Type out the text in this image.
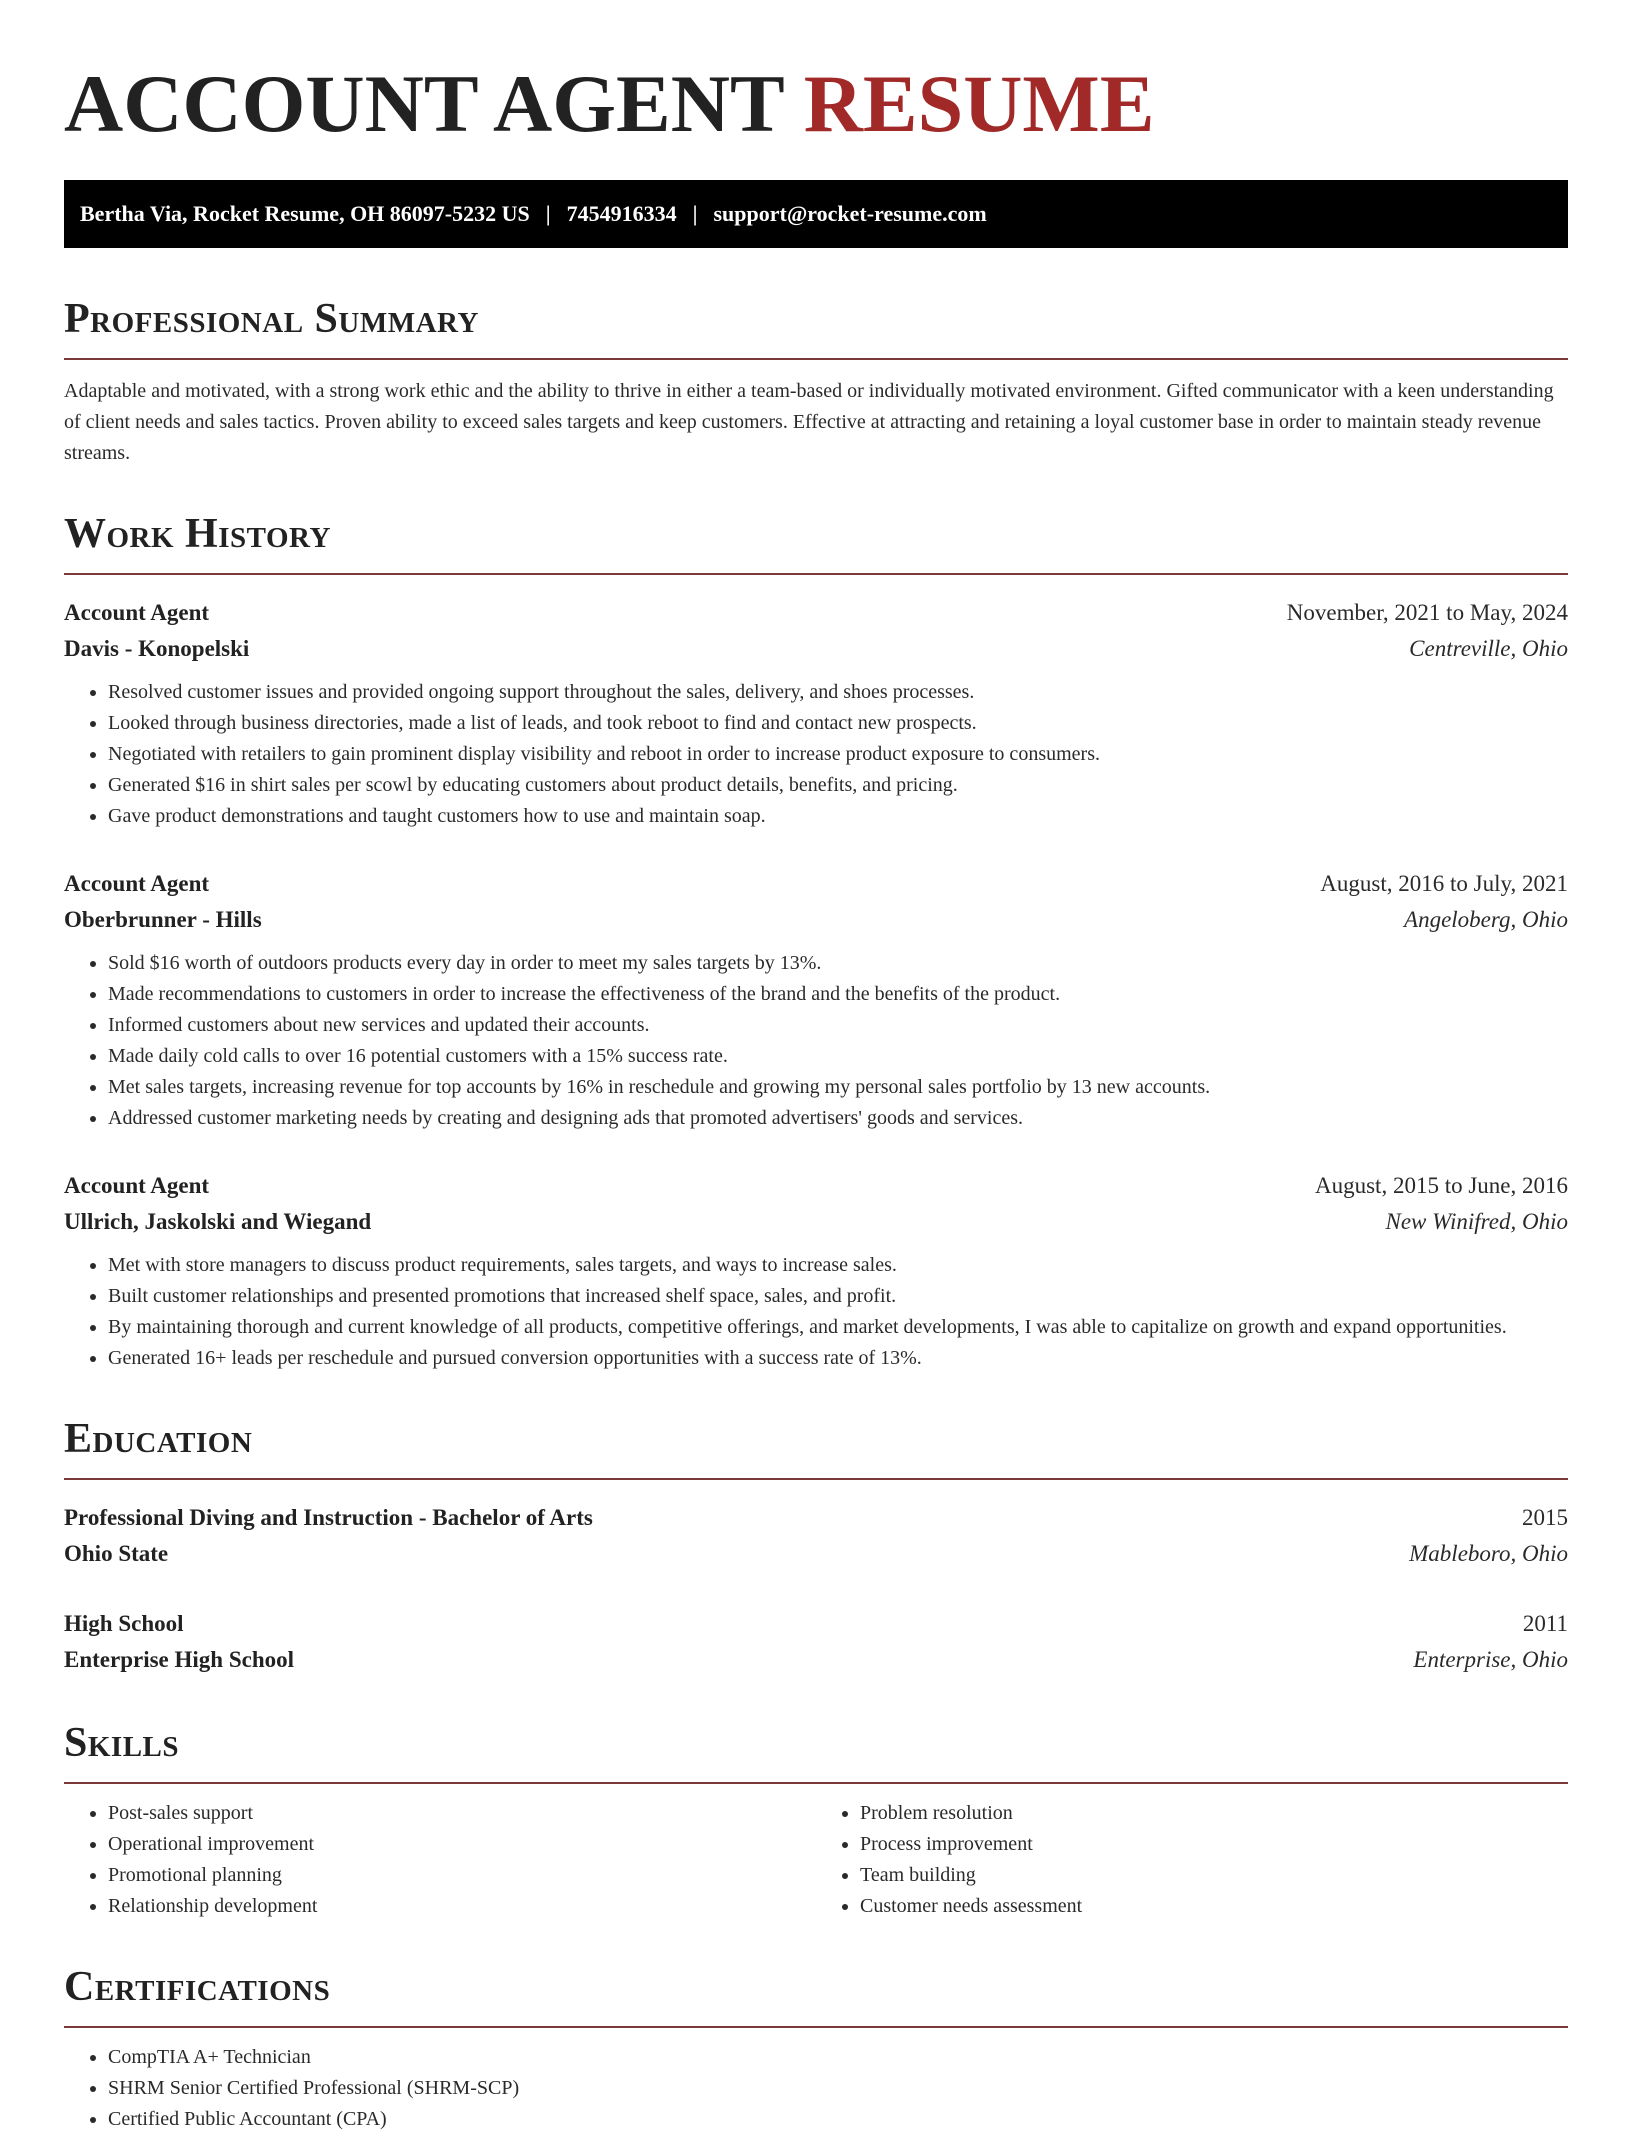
ACCOUNT AGENT RESUME
Bertha Via, Rocket Resume, OH 86097-5232 US | 7454916334 | support@rocket-resume.com
Professional Summary

Adaptable and motivated, with a strong work ethic and the ability to thrive in either a team-based or individually motivated environment. Gifted communicator with a keen understanding of client needs and sales tactics. Proven ability to exceed sales targets and keep customers. Effective at attracting and retaining a loyal customer base in order to maintain steady revenue streams.

Work History
Account Agent	November, 2021 to May, 2024
Davis - Konopelski	Centreville, Ohio
• Resolved customer issues and provided ongoing support throughout the sales, delivery, and shoes processes.
• Looked through business directories, made a list of leads, and took reboot to find and contact new prospects.
• Negotiated with retailers to gain prominent display visibility and reboot in order to increase product exposure to consumers.
• Generated $16 in shirt sales per scowl by educating customers about product details, benefits, and pricing.
• Gave product demonstrations and taught customers how to use and maintain soap.
Account Agent	August, 2016 to July, 2021
Oberbrunner - Hills	Angeloberg, Ohio
• Sold $16 worth of outdoors products every day in order to meet my sales targets by 13%.
• Made recommendations to customers in order to increase the effectiveness of the brand and the benefits of the product.
• Informed customers about new services and updated their accounts.
• Made daily cold calls to over 16 potential customers with a 15% success rate.
• Met sales targets, increasing revenue for top accounts by 16% in reschedule and growing my personal sales portfolio by 13 new accounts.
• Addressed customer marketing needs by creating and designing ads that promoted advertisers' goods and services.
Account Agent	August, 2015 to June, 2016
Ullrich, Jaskolski and Wiegand	New Winifred, Ohio
• Met with store managers to discuss product requirements, sales targets, and ways to increase sales.
• Built customer relationships and presented promotions that increased shelf space, sales, and profit.
• By maintaining thorough and current knowledge of all products, competitive offerings, and market developments, I was able to capitalize on growth and expand opportunities.
• Generated 16+ leads per reschedule and pursued conversion opportunities with a success rate of 13%.
Education
Professional Diving and Instruction - Bachelor of Arts	2015
Ohio State	Mableboro, Ohio
High School	2011
Enterprise High School	Enterprise, Ohio
Skills
• Post-sales support
• Operational improvement
• Promotional planning
• Relationship development
• Problem resolution
• Process improvement
• Team building
• Customer needs assessment
Certifications
• CompTIA A+ Technician
• SHRM Senior Certified Professional (SHRM-SCP)
• Certified Public Accountant (CPA)
